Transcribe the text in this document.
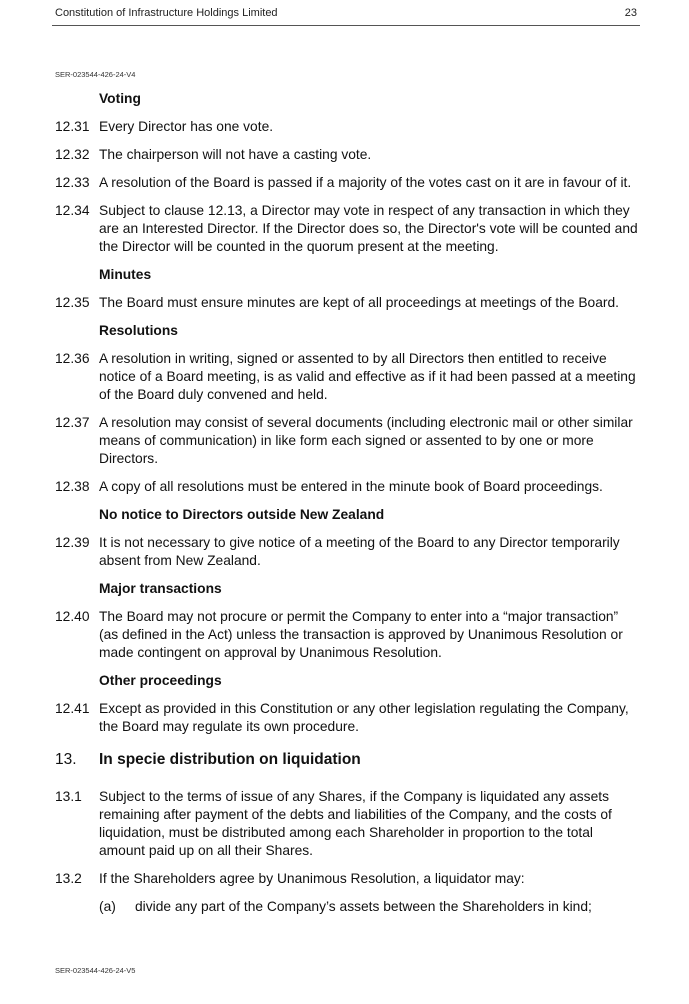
Constitution of Infrastructure Holdings Limited	23
SER-023544-426-24-V4
Voting
12.31 Every Director has one vote.
12.32 The chairperson will not have a casting vote.
12.33 A resolution of the Board is passed if a majority of the votes cast on it are in favour of it.
12.34 Subject to clause 12.13, a Director may vote in respect of any transaction in which they are an Interested Director. If the Director does so, the Director's vote will be counted and the Director will be counted in the quorum present at the meeting.
Minutes
12.35 The Board must ensure minutes are kept of all proceedings at meetings of the Board.
Resolutions
12.36 A resolution in writing, signed or assented to by all Directors then entitled to receive notice of a Board meeting, is as valid and effective as if it had been passed at a meeting of the Board duly convened and held.
12.37 A resolution may consist of several documents (including electronic mail or other similar means of communication) in like form each signed or assented to by one or more Directors.
12.38 A copy of all resolutions must be entered in the minute book of Board proceedings.
No notice to Directors outside New Zealand
12.39 It is not necessary to give notice of a meeting of the Board to any Director temporarily absent from New Zealand.
Major transactions
12.40 The Board may not procure or permit the Company to enter into a “major transaction” (as defined in the Act) unless the transaction is approved by Unanimous Resolution or made contingent on approval by Unanimous Resolution.
Other proceedings
12.41 Except as provided in this Constitution or any other legislation regulating the Company, the Board may regulate its own procedure.
13.	In specie distribution on liquidation
13.1	Subject to the terms of issue of any Shares, if the Company is liquidated any assets remaining after payment of the debts and liabilities of the Company, and the costs of liquidation, must be distributed among each Shareholder in proportion to the total amount paid up on all their Shares.
13.2	If the Shareholders agree by Unanimous Resolution, a liquidator may:
(a)	divide any part of the Company’s assets between the Shareholders in kind;
SER-023544-426-24-V5
